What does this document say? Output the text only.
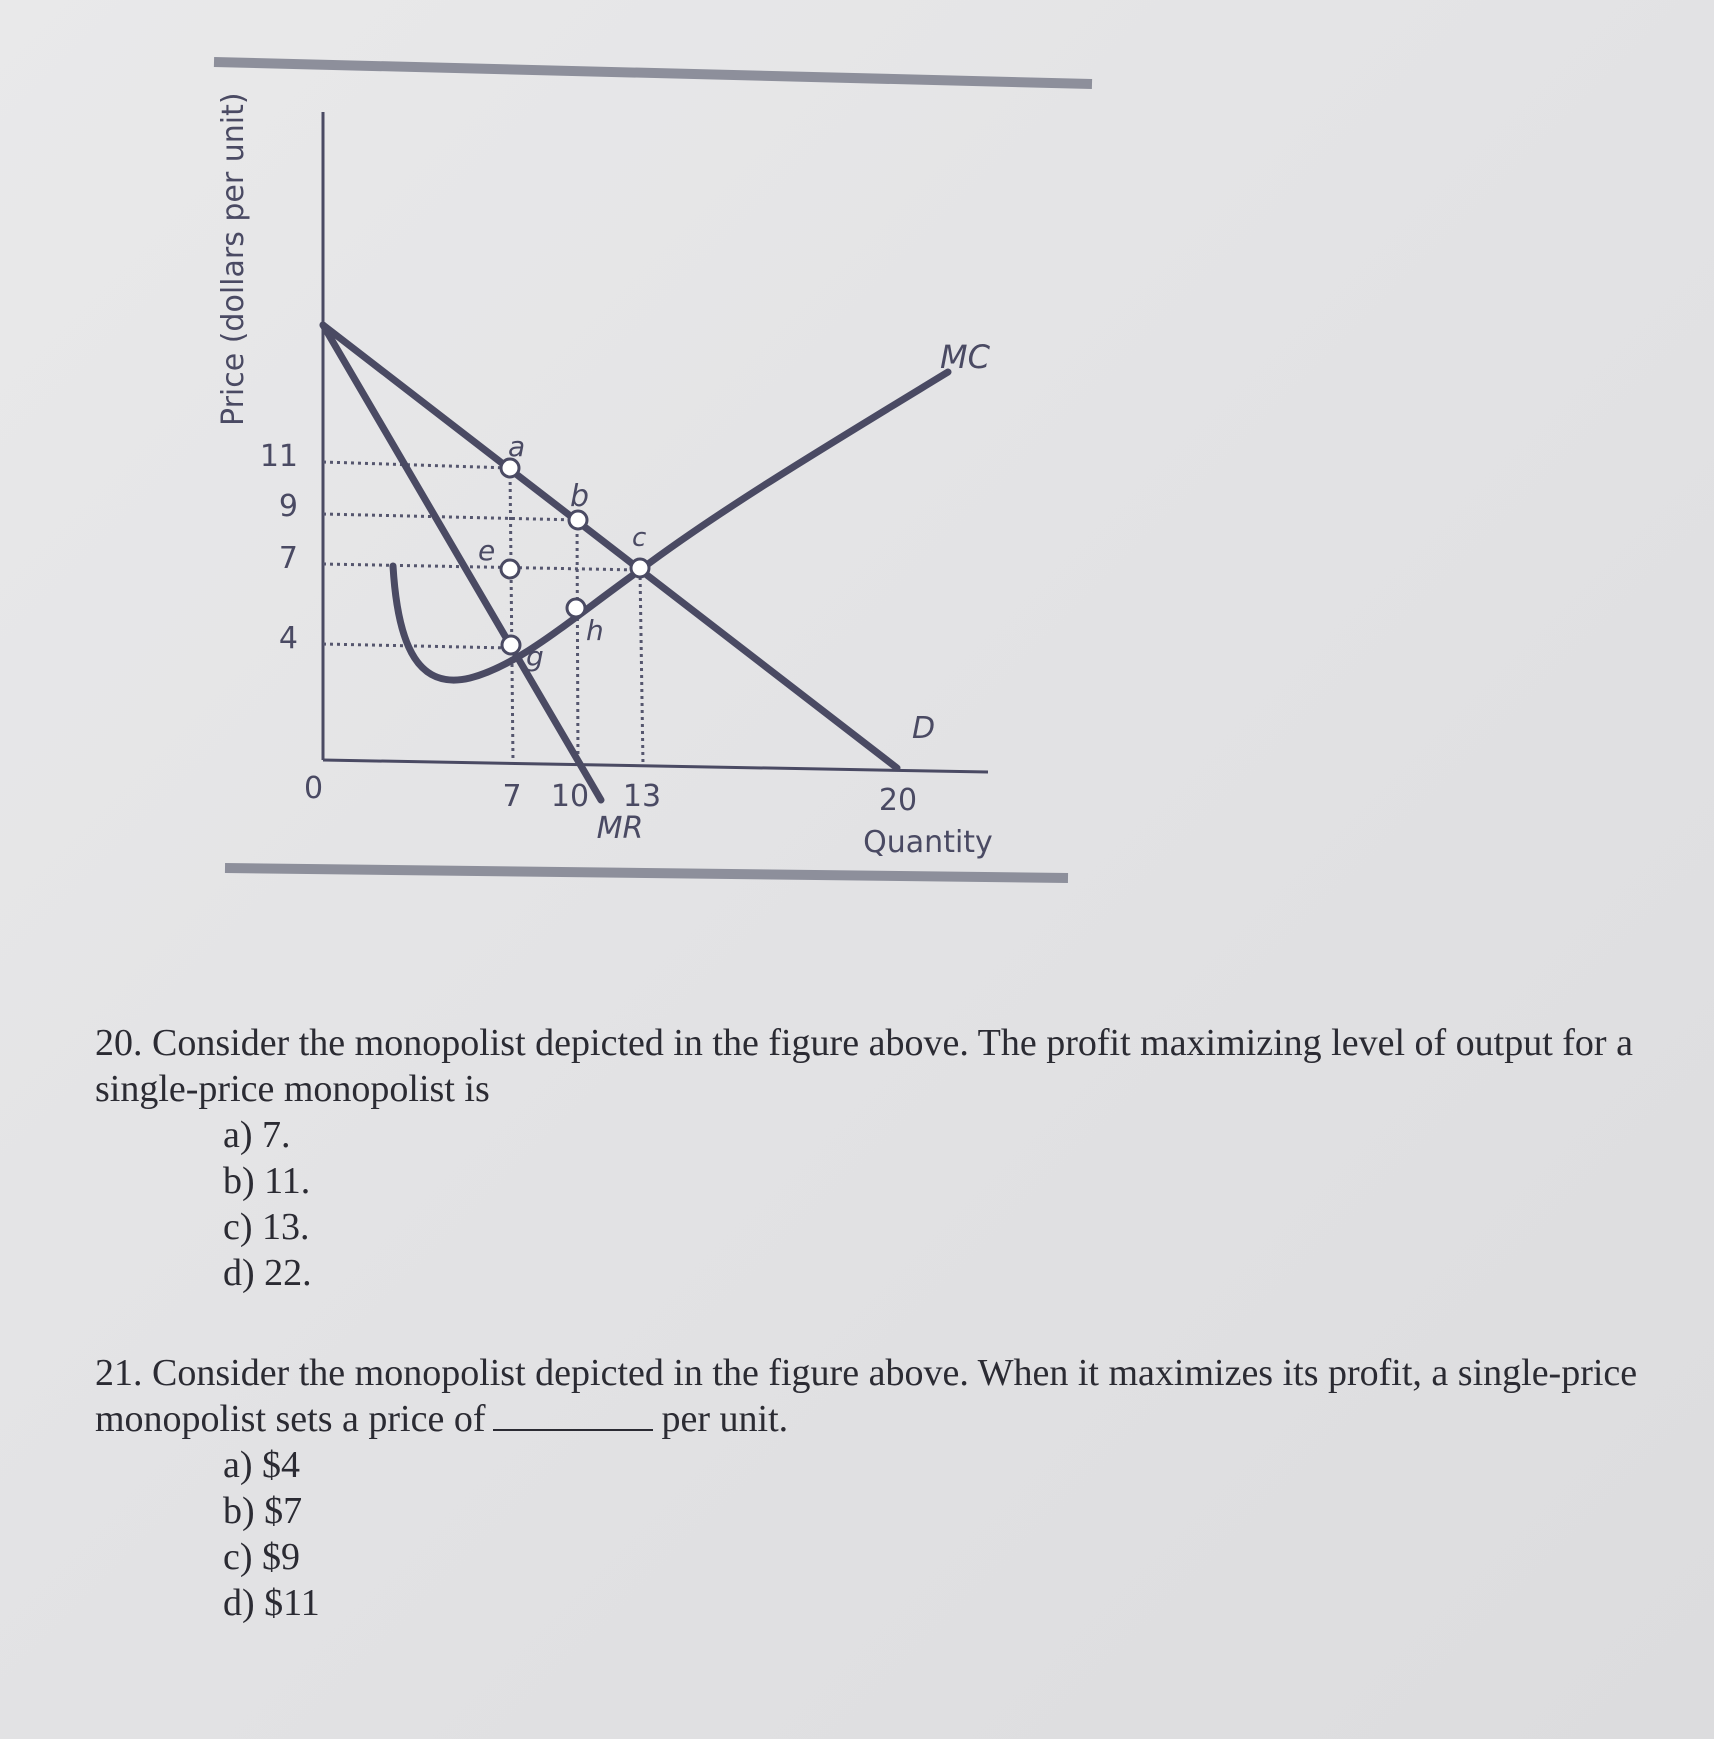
Price (dollars per unit)
11
9
7
4
0	7 10 13	20
Quantity
MC
D
MR
a
b
c
e
g
h
20. Consider the monopolist depicted in the figure above. The profit maximizing level of output for a single-price monopolist is
a) 7.
b) 11.
c) 13.
d) 22.
21. Consider the monopolist depicted in the figure above. When it maximizes its profit, a single-price monopolist sets a price of	per unit.
a) $4
b) $7
c) $9
d) $11
